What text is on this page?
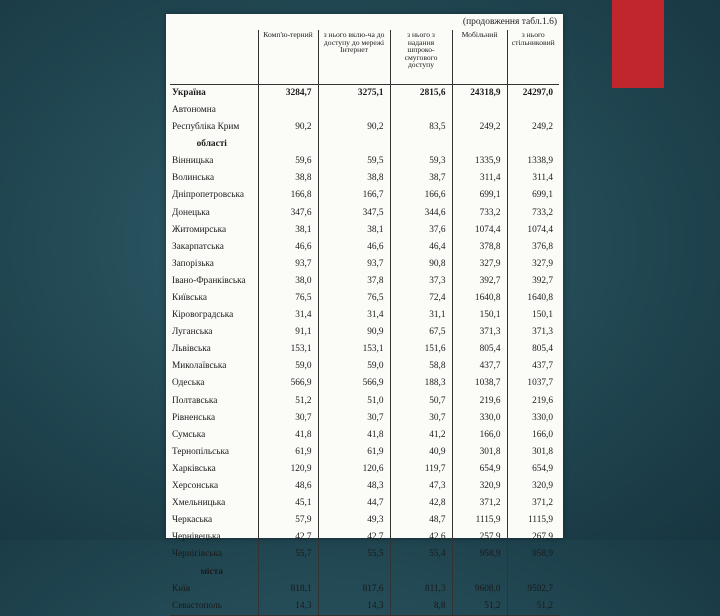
(продовження табл.1.6)
	Комп'ю-терний	з нього вклю-ча до доступу до мережі Інтернет	з нього з надання шпроко-смугового доступу	Мобільний	з нього стільниковий
Україна	3284,7	3275,1	2815,6	24318,9	24297,0
Автономна					
Республіка Крим	90,2	90,2	83,5	249,2	249,2
області					
Вінницька	59,6	59,5	59,3	1335,9	1338,9
Волинська	38,8	38,8	38,7	311,4	311,4
Дніпропетровська	166,8	166,7	166,6	699,1	699,1
Донецька	347,6	347,5	344,6	733,2	733,2
Житомирська	38,1	38,1	37,6	1074,4	1074,4
Закарпатська	46,6	46,6	46,4	378,8	376,8
Запорізька	93,7	93,7	90,8	327,9	327,9
Івано-Франківська	38,0	37,8	37,3	392,7	392,7
Київська	76,5	76,5	72,4	1640,8	1640,8
Кіровоградська	31,4	31,4	31,1	150,1	150,1
Луганська	91,1	90,9	67,5	371,3	371,3
Львівська	153,1	153,1	151,6	805,4	805,4
Миколаївська	59,0	59,0	58,8	437,7	437,7
Одеська	566,9	566,9	188,3	1038,7	1037,7
Полтавська	51,2	51,0	50,7	219,6	219,6
Рівненська	30,7	30,7	30,7	330,0	330,0
Сумська	41,8	41,8	41,2	166,0	166,0
Тернопільська	61,9	61,9	40,9	301,8	301,8
Харківська	120,9	120,6	119,7	654,9	654,9
Херсонська	48,6	48,3	47,3	320,9	320,9
Хмельницька	45,1	44,7	42,8	371,2	371,2
Черкаська	57,9	49,3	48,7	1115,9	1115,9
Чернівецька	42,7	42,7	42,6	257,9	267,9
Чернігівська	55,7	55,5	55,4	958,9	958,9
міста					
Київ	818,1	817,6	811,3	9608,0	9592,7
Севастополь	14,3	14,3	8,8	51,2	51,2
